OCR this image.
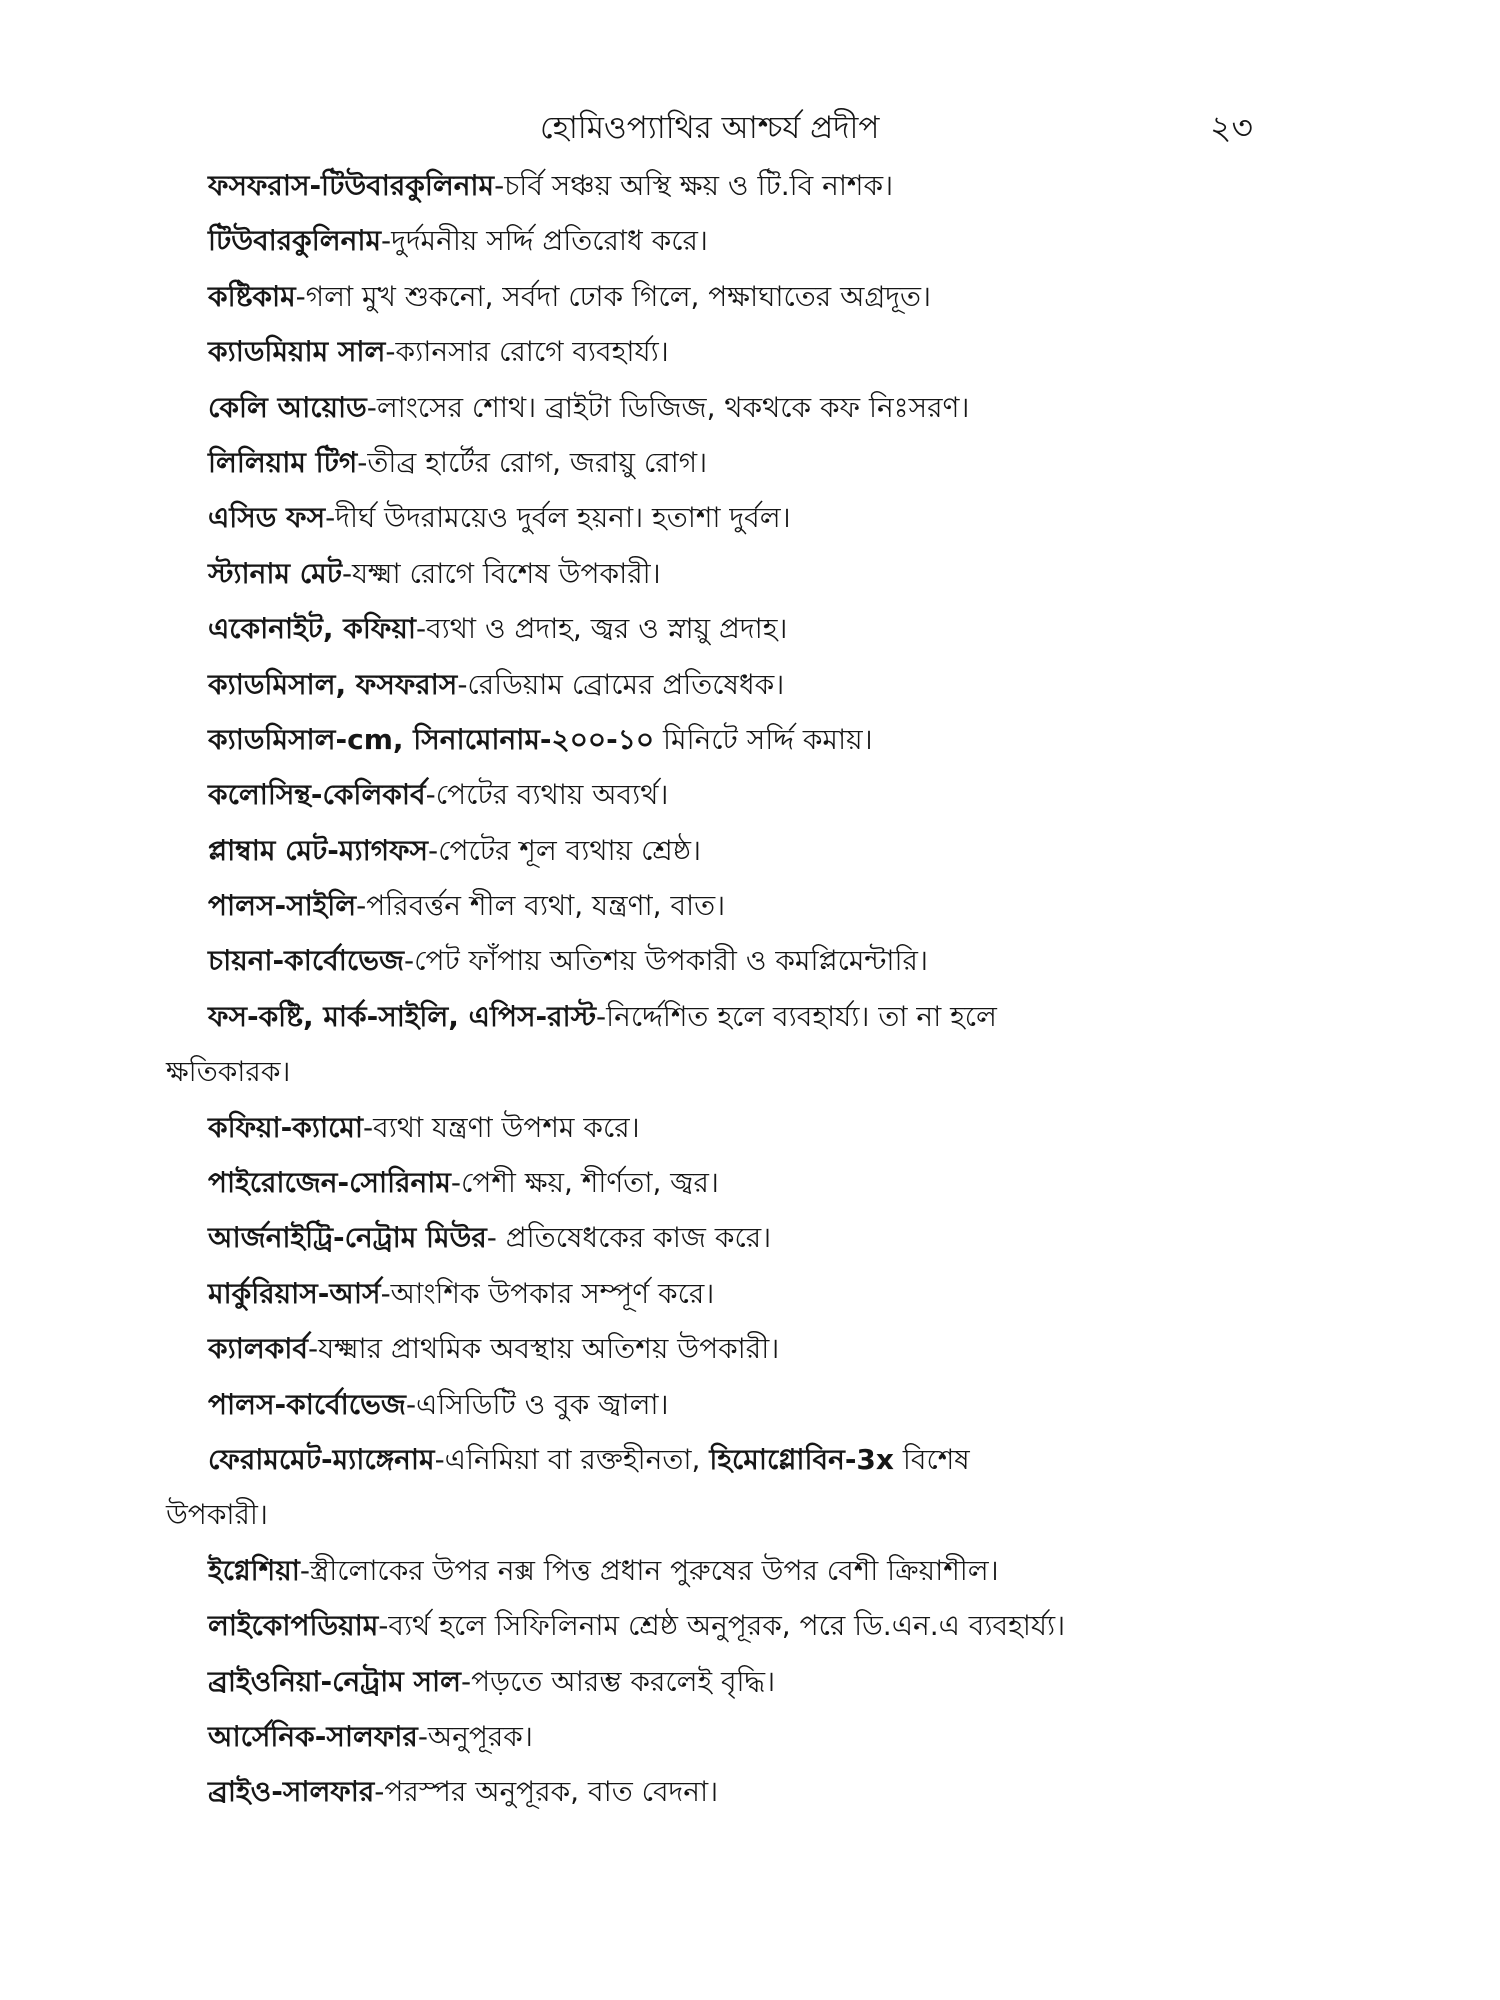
হোমিওপ্যাথির আশ্চর্য প্রদীপ	২৩
ফসফরাস-টিউবারকুলিনাম-চর্বি সঞ্চয় অস্থি ক্ষয় ও টি.বি নাশক।
টিউবারকুলিনাম-দুর্দমনীয় সর্দ্দি প্রতিরোধ করে।
কষ্টিকাম-গলা মুখ শুকনো, সর্বদা ঢোক গিলে, পক্ষাঘাতের অগ্রদূত।
ক্যাডমিয়াম সাল-ক্যানসার রোগে ব্যবহার্য্য।
কেলি আয়োড-লাংসের শোথ। ব্রাইটা ডিজিজ, থকথকে কফ নিঃসরণ।
লিলিয়াম টিগ-তীব্র হার্টের রোগ, জরায়ু রোগ।
এসিড ফস-দীর্ঘ উদরাময়েও দুর্বল হয়না। হতাশা দুর্বল।
স্ট্যানাম মেট-যক্ষ্মা রোগে বিশেষ উপকারী।
একোনাইট, কফিয়া-ব্যথা ও প্রদাহ, জ্বর ও স্নায়ু প্রদাহ।
ক্যাডমিসাল, ফসফরাস-রেডিয়াম ব্রোমের প্রতিষেধক।
ক্যাডমিসাল-cm, সিনামোনাম-২০০-১০ মিনিটে সর্দ্দি কমায়।
কলোসিন্থ-কেলিকার্ব-পেটের ব্যথায় অব্যর্থ।
প্লাম্বাম মেট-ম্যাগফস-পেটের শূল ব্যথায় শ্রেষ্ঠ।
পালস-সাইলি-পরিবর্ত্তন শীল ব্যথা, যন্ত্রণা, বাত।
চায়না-কার্বোভেজ-পেট ফাঁপায় অতিশয় উপকারী ও কমপ্লিমেন্টারি।
ফস-কষ্টি, মার্ক-সাইলি, এপিস-রাস্ট-নির্দ্দেশিত হলে ব্যবহার্য্য। তা না হলে
ক্ষতিকারক।
কফিয়া-ক্যামো-ব্যথা যন্ত্রণা উপশম করে।
পাইরোজেন-সোরিনাম-পেশী ক্ষয়, শীর্ণতা, জ্বর।
আর্জনাইট্রি-নেট্রাম মিউর- প্রতিষেধকের কাজ করে।
মার্কুরিয়াস-আর্স-আংশিক উপকার সম্পূর্ণ করে।
ক্যালকার্ব-যক্ষ্মার প্রাথমিক অবস্থায় অতিশয় উপকারী।
পালস-কার্বোভেজ-এসিডিটি ও বুক জ্বালা।
ফেরামমেট-ম্যাঙ্গেনাম-এনিমিয়া বা রক্তহীনতা, হিমোগ্লোবিন-3x বিশেষ
উপকারী।
ইগ্নেশিয়া-স্ত্রীলোকের উপর নক্স পিত্ত প্রধান পুরুষের উপর বেশী ক্রিয়াশীল।
লাইকোপডিয়াম-ব্যর্থ হলে সিফিলিনাম শ্রেষ্ঠ অনুপূরক, পরে ডি.এন.এ ব্যবহার্য্য।
ব্রাইওনিয়া-নেট্রাম সাল-পড়তে আরম্ভ করলেই বৃদ্ধি।
আর্সেনিক-সালফার-অনুপূরক।
ব্রাইও-সালফার-পরস্পর অনুপূরক, বাত বেদনা।
